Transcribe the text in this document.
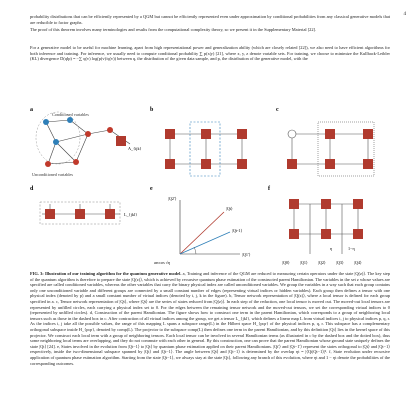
4

probability distributions that can be efficiently represented by a QGM but cannot be efficiently represented even under approximation by conditional probabilities from any classical generative models that are reducible to factor graphs.

The proof of this theorem involves many terminologies and results from the computational complexity theory, so we present it in the Supplementary Material [22].

For a generative model to be useful for machine learning, apart from high representational power and generalization ability (which are closely related [22]), we also need to have efficient algorithms for both inference and training. For inference, we usually need to compute conditional probability ∑ p(x|y) [21], where x, y, z denote variable sets. For training, we choose to minimize the Kullback-Leibler (KL) divergence D(q‖p) = −∑ q(v) log(p(v)/q(v)) between q, the distribution of the given data sample, and p, the distribution of the generative model, with the

a	b	c
d	e	f
Conditioned variables
Unconditioned variables
A_{ijk}
L_{jkl}
|Qt⟩
|Qt-1⟩
arccos √η
|Q1′⟩
|Q2′⟩
|Q0⟩ |Q1⟩ |Q2⟩ |Q3⟩ |Q4⟩
η	1−η

FIG. 3: Illustration of our training algorithm for the quantum generative model. a, Training and inference of the QGM are reduced to measuring certain operators under the state |Q(z)⟩. The key step of the quantum algorithm is therefore to prepare the state |Q(z)⟩, which is achieved by recursive quantum phase estimation of the constructed parent Hamiltonian. The variables in the set z whose values are specified are called conditioned variables, whereas the other variables that carry the binary physical index are called unconditioned variables. We group the variables in a way such that each group contains only one unconditioned variable and different groups are connected by a small constant number of edges (representing virtual indices or hidden variables). Each group then defines a tensor with one physical index (denoted by p) and a small constant number of virtual indices (denoted by i, j, k in the figure). b, Tensor network representation of |Q(z)⟩, where a local tensor is defined for each group specified in a. c, Tensor network representation of |Qt⟩, where |Qt⟩ are the series of states reduced from |Q(z)⟩. In each step of the reduction, one local tensor is moved out. The moved-out local tensors are represented by unfilled circles, each carrying a physical index set to 0. For the edges between the remaining tensor network and the moved-out tensors, we set the corresponding virtual indices to 0 (represented by unfilled circles). d, Construction of the parent Hamiltonian. The figure shows how to construct one term in the parent Hamiltonian, which corresponds to a group of neighboring local tensors such as those in the dashed box in c. After contraction of all virtual indices among the group, we get a tensor L_{jkl}, which defines a linear map L from virtual indices i, j to physical indices p, q, r. As the indices i, j take all the possible values, the range of this mapping L spans a subspace range(L) in the Hilbert space H_{pqr} of the physical indices p, q, r. This subspace has a complementary orthogonal subspace inside H_{pqr}, denoted by comp(L). The projector to the subspace comp(L) then defines one term in the parent Hamiltonian, and by this definition |Qt⟩ lies in the kernel space of this projector. We construct each local term with a group of neighboring tensors. Each local tensor can be involved in several Hamiltonian terms (as illustrated in c by the dashed box and the dotted box), thus some neighboring local terms are overlapping, and they do not commute with each other in general. By this construction, one can prove that the parent Hamiltonian whose ground state uniquely defines the state |Qt⟩ [24]. e, States involved in the evolution from |Qt−1⟩ to |Qt⟩ by quantum phase estimation applied on their parent Hamiltonians. |Qt'⟩ and |Qt−1'⟩ represent the states orthogonal to |Qt⟩ and |Qt−1⟩ respectively, inside the two-dimensional subspace spanned by |Qt⟩ and |Qt−1⟩. The angle between |Qt⟩ and |Qt−1⟩ is determined by the overlap ηt = |⟨Qt|Qt−1⟩|². f, State evolution under recursive application of quantum phase estimation algorithm. Starting from the state |Qt−1⟩, we always stay at the state |Qt⟩, following any branch of this evolution, where ηt and 1 − ηt denote the probabilities of the corresponding outcomes.
